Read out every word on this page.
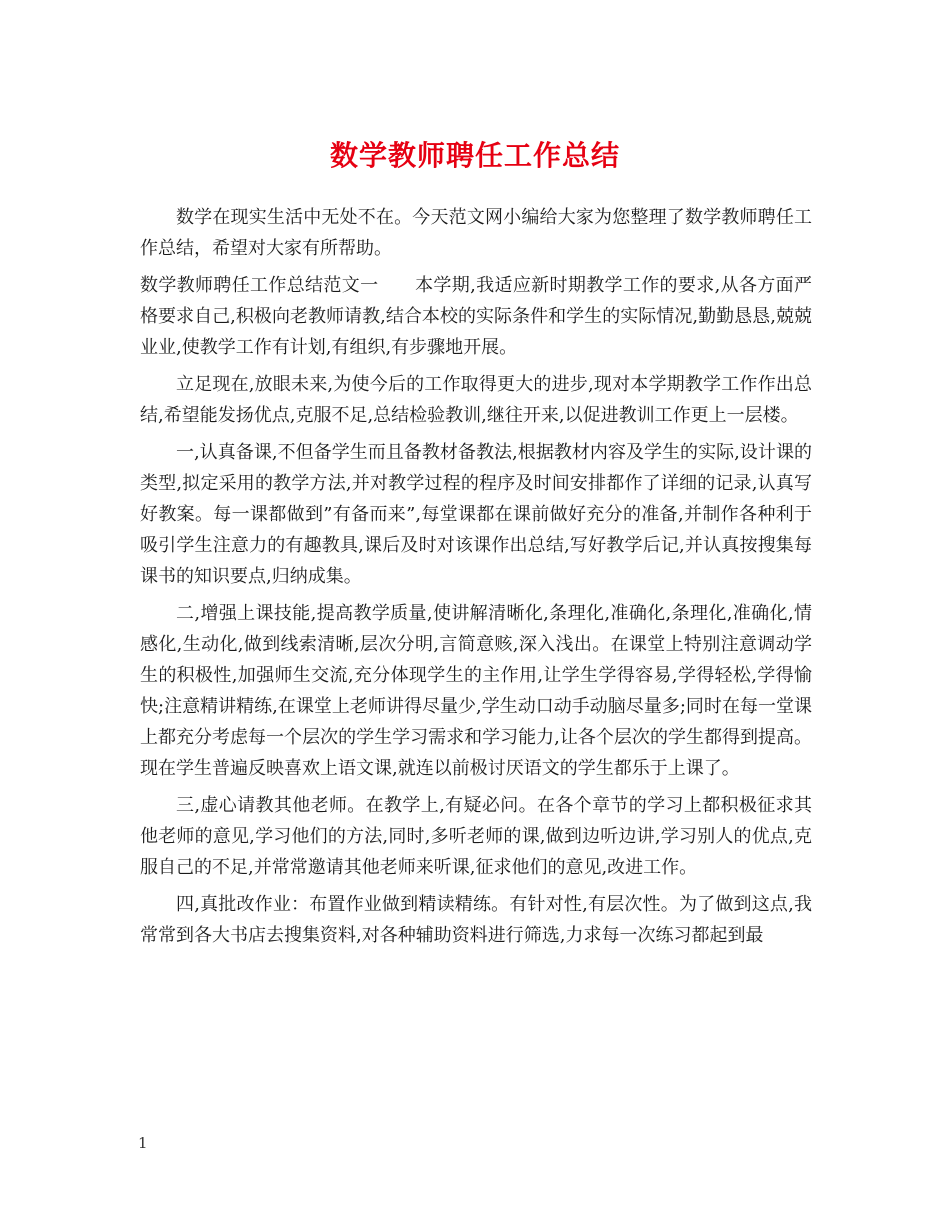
数学教师聘任工作总结

数学在现实生活中无处不在。今天范文网小编给大家为您整理了数学教师聘任工作总结，希望对大家有所帮助。

数学教师聘任工作总结范文一　　本学期,我适应新时期教学工作的要求,从各方面严格要求自己,积极向老教师请教,结合本校的实际条件和学生的实际情况,勤勤恳恳,兢兢业业,使教学工作有计划,有组织,有步骤地开展。

立足现在,放眼未来,为使今后的工作取得更大的进步,现对本学期教学工作作出总结,希望能发扬优点,克服不足,总结检验教训,继往开来,以促进教训工作更上一层楼。

一,认真备课,不但备学生而且备教材备教法,根据教材内容及学生的实际,设计课的类型,拟定采用的教学方法,并对教学过程的程序及时间安排都作了详细的记录,认真写好教案。每一课都做到”有备而来”,每堂课都在课前做好充分的准备,并制作各种利于吸引学生注意力的有趣教具,课后及时对该课作出总结,写好教学后记,并认真按搜集每课书的知识要点,归纳成集。

二,增强上课技能,提高教学质量,使讲解清晰化,条理化,准确化,条理化,准确化,情感化,生动化,做到线索清晰,层次分明,言简意赅,深入浅出。在课堂上特别注意调动学生的积极性,加强师生交流,充分体现学生的主作用,让学生学得容易,学得轻松,学得愉快;注意精讲精练,在课堂上老师讲得尽量少,学生动口动手动脑尽量多;同时在每一堂课上都充分考虑每一个层次的学生学习需求和学习能力,让各个层次的学生都得到提高。现在学生普遍反映喜欢上语文课,就连以前极讨厌语文的学生都乐于上课了。

三,虚心请教其他老师。在教学上,有疑必问。在各个章节的学习上都积极征求其他老师的意见,学习他们的方法,同时,多听老师的课,做到边听边讲,学习别人的优点,克服自己的不足,并常常邀请其他老师来听课,征求他们的意见,改进工作。

四,真批改作业：布置作业做到精读精练。有针对性,有层次性。为了做到这点,我常常到各大书店去搜集资料,对各种辅助资料进行筛选,力求每一次练习都起到最

1
